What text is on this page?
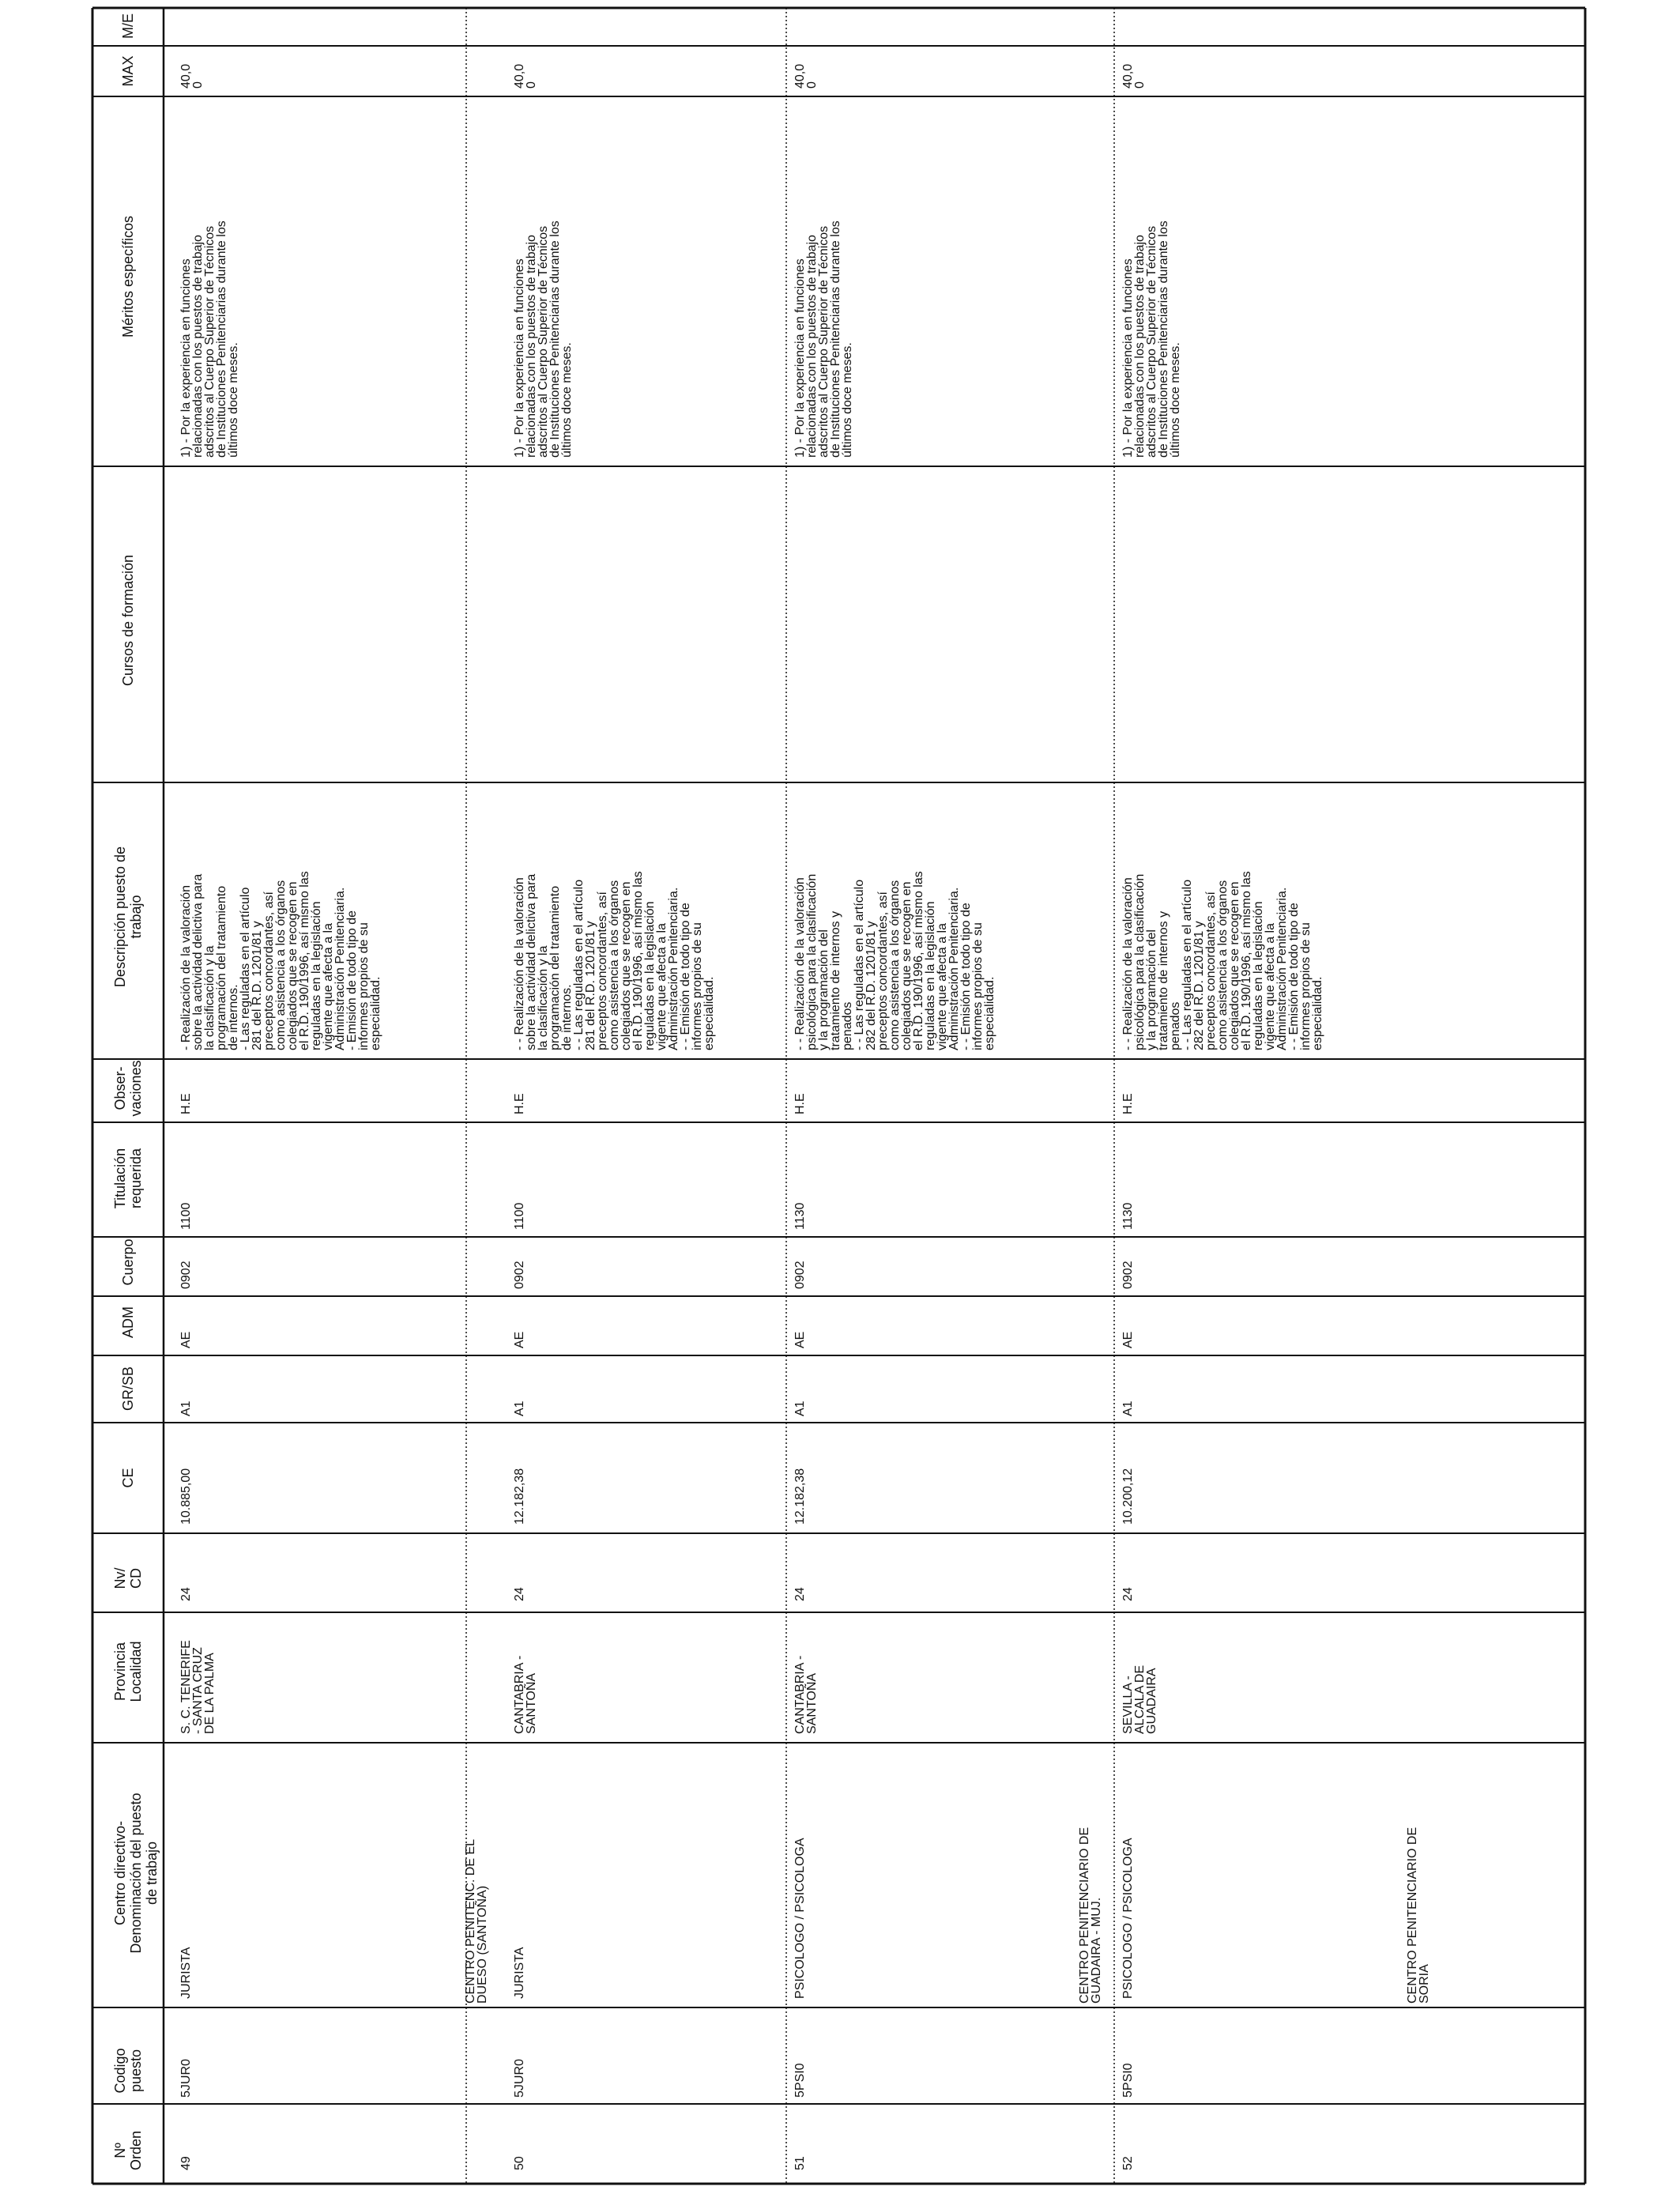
Nº
Orden
Codigo
puesto
Centro directivo-
Denominación del puesto
de trabajo
Provincia
Localidad
Nv/
CD
CE
GR/SB
ADM
Cuerpo
Titulación
requerida
Obser-
vaciones
Descripción puesto de
trabajo
Cursos de formación
Méritos específicos
MAX
M/E
49
5JUR0
JURISTA
S. C. TENERIFE
- SANTA CRUZ
DE LA PALMA
24
10.885,00
A1
AE
0902
1100
H.E
- Realización de la valoración
sobre la actividad delictiva para
la clasificación y la
programación del tratamiento
de internos.
- Las reguladas en el artículo
281 del R.D. 1201/81 y
preceptos concordantes, así
como asistencia a los órganos
colegiados que se recogen en
el R.D. 190/1996, así mismo las
reguladas en la legislación
vigente que afecta a la
Administración Penitenciaria.
- Emisión de todo tipo de
informes propios de su
especialidad.
1) - Por la experiencia en funciones
relacionadas con los puestos de trabajo
adscritos al Cuerpo Superior de Técnicos
de Instituciones Penitenciarias durante los
últimos doce meses.
40,0
0
CENTRO PENITENC. DE EL
DUESO (SANTOÑA)
50
5JUR0
JURISTA
CANTABRIA -
SANTOÑA
24
12.182,38
A1
AE
0902
1100
H.E
- - Realización de la valoración
sobre la actividad delictiva para
la clasificación y la
programación del tratamiento
de internos.
- - Las reguladas en el artículo
281 del R.D. 1201/81 y
preceptos concordantes, así
como asistencia a los órganos
colegiados que se recogen en
el R.D. 190/1996, así mismo las
reguladas en la legislación
vigente que afecta a la
Administración Penitenciaria.
- - Emisión de todo tipo de
informes propios de su
especialidad.
1) - Por la experiencia en funciones
relacionadas con los puestos de trabajo
adscritos al Cuerpo Superior de Técnicos
de Instituciones Penitenciarias durante los
últimos doce meses.
40,0
0
51
5PSI0
PSICOLOGO / PSICOLOGA
CANTABRIA -
SANTOÑA
24
12.182,38
A1
AE
0902
1130
H.E
- - Realización de la valoración
psicológica para la clasificación
y la programación del
tratamiento de internos y
penados
- - Las reguladas en el artículo
282 del R.D. 1201/81 y
preceptos concordantes, así
como asistencia a los órganos
colegiados que se recogen en
el R.D. 190/1996, así mismo las
reguladas en la legislación
vigente que afecta a la
Administración Penitenciaria.
- - Emisión de todo tipo de
informes propios de su
especialidad.
1) - Por la experiencia en funciones
relacionadas con los puestos de trabajo
adscritos al Cuerpo Superior de Técnicos
de Instituciones Penitenciarias durante los
últimos doce meses.
40,0
0
CENTRO PENITENCIARIO DE
GUADAIRA - MUJ.
52
5PSI0
PSICOLOGO / PSICOLOGA
SEVILLA -
ALCALA DE
GUADAIRA
24
10.200,12
A1
AE
0902
1130
H.E
- - Realización de la valoración
psicológica para la clasificación
y la programación del
tratamiento de internos y
penados
- - Las reguladas en el artículo
282 del R.D. 1201/81 y
preceptos concordantes, así
como asistencia a los órganos
colegiados que se recogen en
el R.D. 190/1996, así mismo las
reguladas en la legislación
vigente que afecta a la
Administración Penitenciaria.
- - Emisión de todo tipo de
informes propios de su
especialidad.
1) - Por la experiencia en funciones
relacionadas con los puestos de trabajo
adscritos al Cuerpo Superior de Técnicos
de Instituciones Penitenciarias durante los
últimos doce meses.
40,0
0
CENTRO PENITENCIARIO DE
SORIA
